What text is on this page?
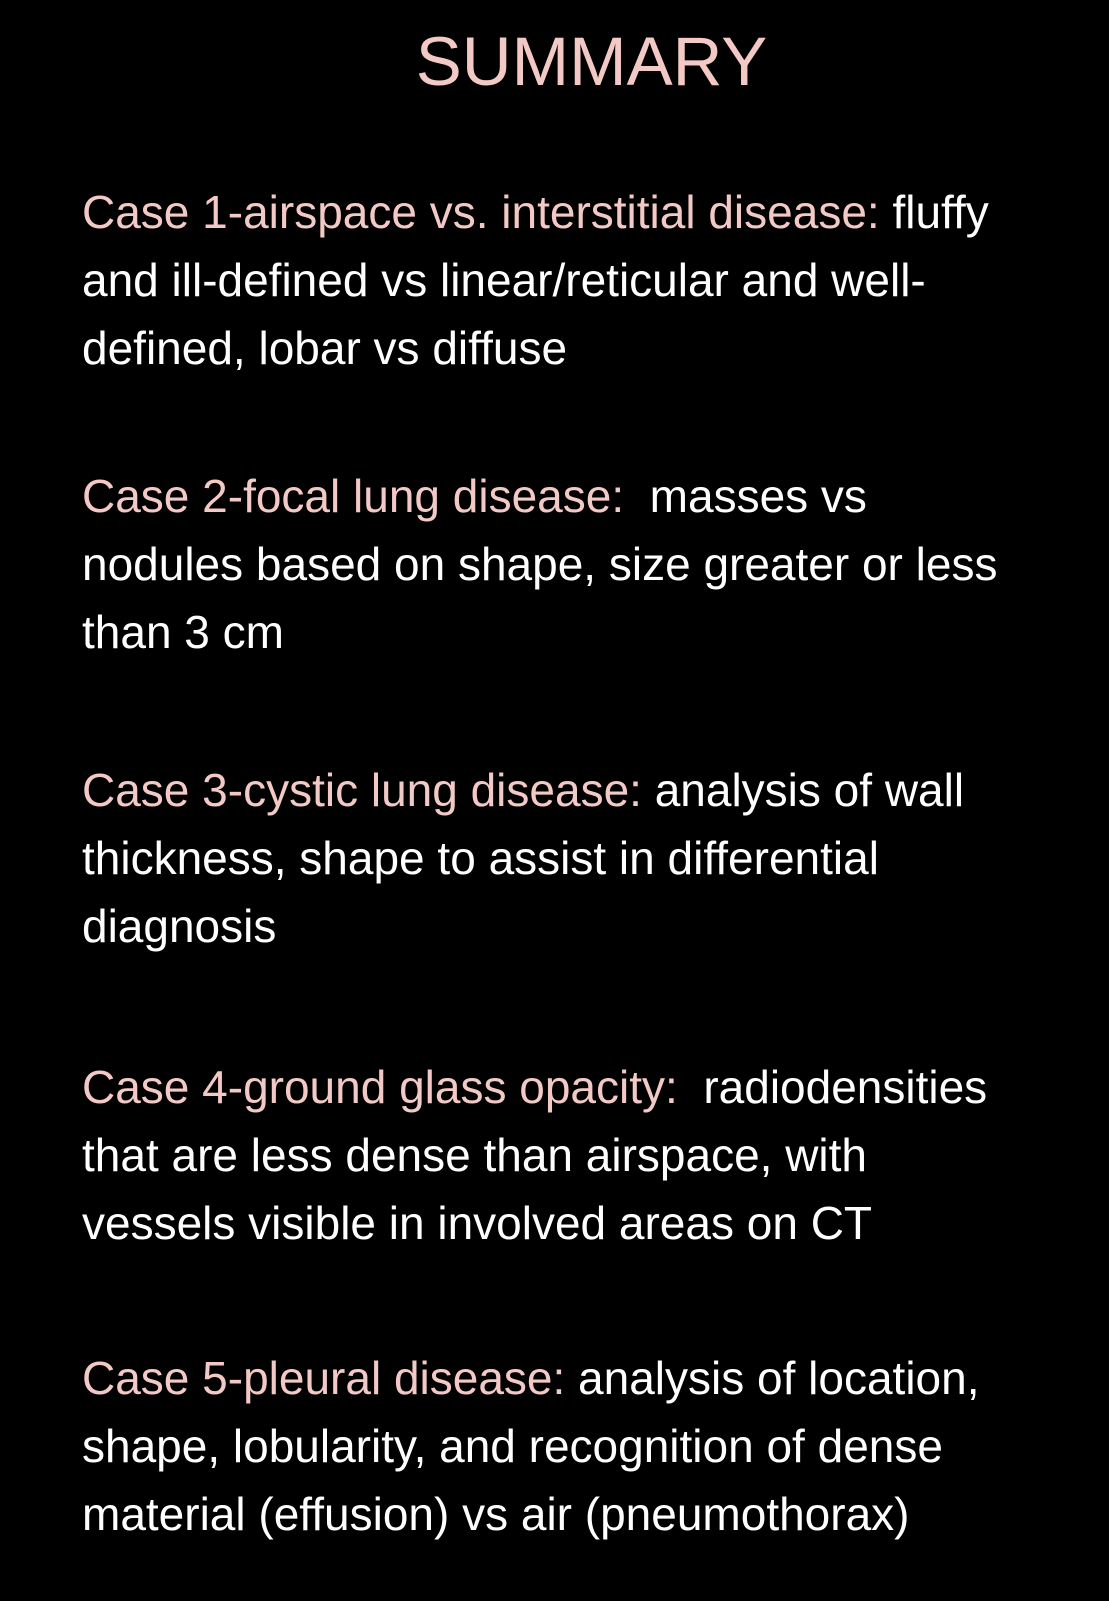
SUMMARY

Case 1-airspace vs. interstitial disease: fluffy
and ill-defined vs linear/reticular and well-
defined, lobar vs diffuse

Case 2-focal lung disease:  masses vs
nodules based on shape, size greater or less
than 3 cm

Case 3-cystic lung disease: analysis of wall
thickness, shape to assist in differential
diagnosis

Case 4-ground glass opacity:  radiodensities
that are less dense than airspace, with
vessels visible in involved areas on CT

Case 5-pleural disease: analysis of location,
shape, lobularity, and recognition of dense
material (effusion) vs air (pneumothorax)
